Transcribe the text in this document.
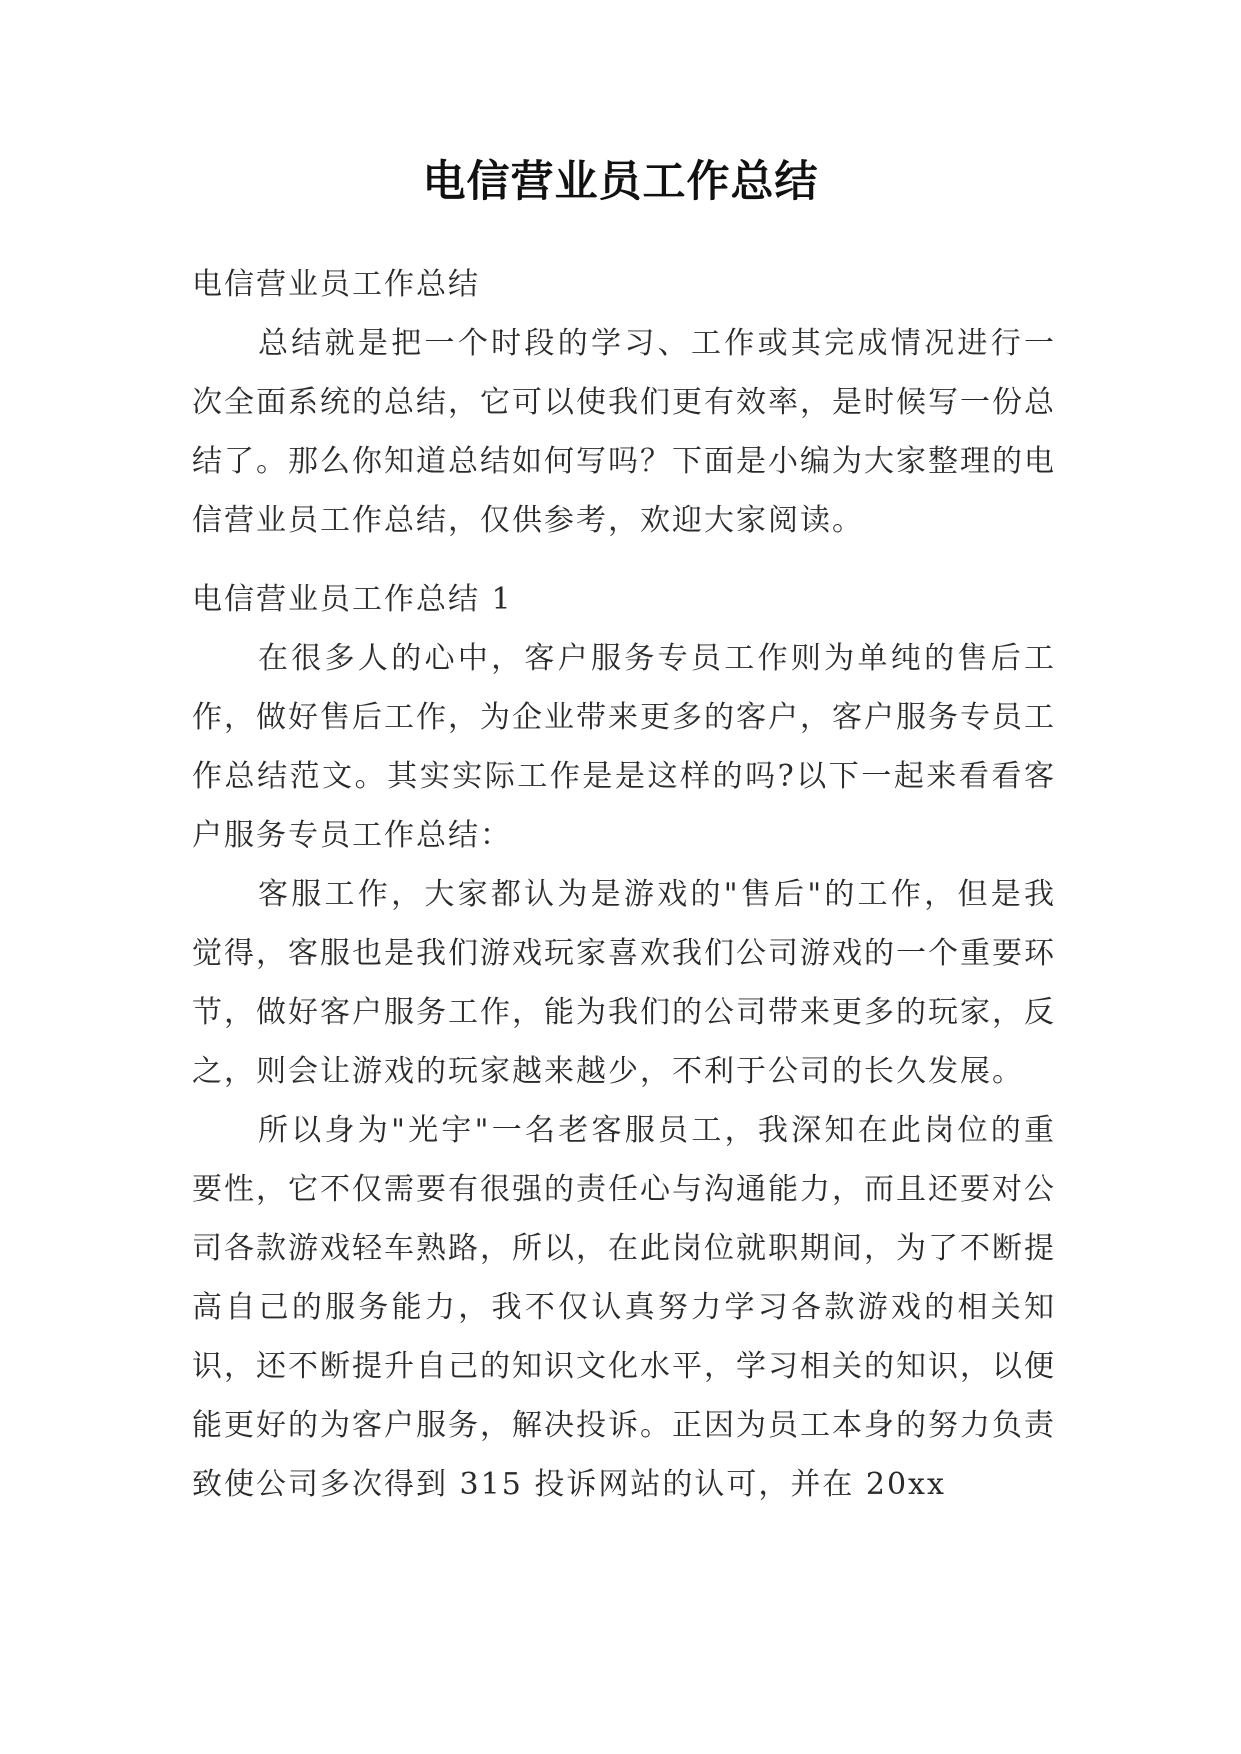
电信营业员工作总结

电信营业员工作总结

总结就是把一个时段的学习、工作或其完成情况进行一次全面系统的总结，它可以使我们更有效率，是时候写一份总结了。那么你知道总结如何写吗？下面是小编为大家整理的电信营业员工作总结，仅供参考，欢迎大家阅读。

电信营业员工作总结 1

在很多人的心中，客户服务专员工作则为单纯的售后工作，做好售后工作，为企业带来更多的客户，客户服务专员工作总结范文。其实实际工作是是这样的吗?以下一起来看看客户服务专员工作总结：

客服工作，大家都认为是游戏的"售后"的工作，但是我觉得，客服也是我们游戏玩家喜欢我们公司游戏的一个重要环节，做好客户服务工作，能为我们的公司带来更多的玩家，反之，则会让游戏的玩家越来越少，不利于公司的长久发展。

所以身为"光宇"一名老客服员工，我深知在此岗位的重要性，它不仅需要有很强的责任心与沟通能力，而且还要对公司各款游戏轻车熟路，所以，在此岗位就职期间，为了不断提高自己的服务能力，我不仅认真努力学习各款游戏的相关知识，还不断提升自己的知识文化水平，学习相关的知识，以便能更好的为客户服务，解决投诉。正因为员工本身的努力负责致使公司多次得到 315 投诉网站的认可，并在 20xx
